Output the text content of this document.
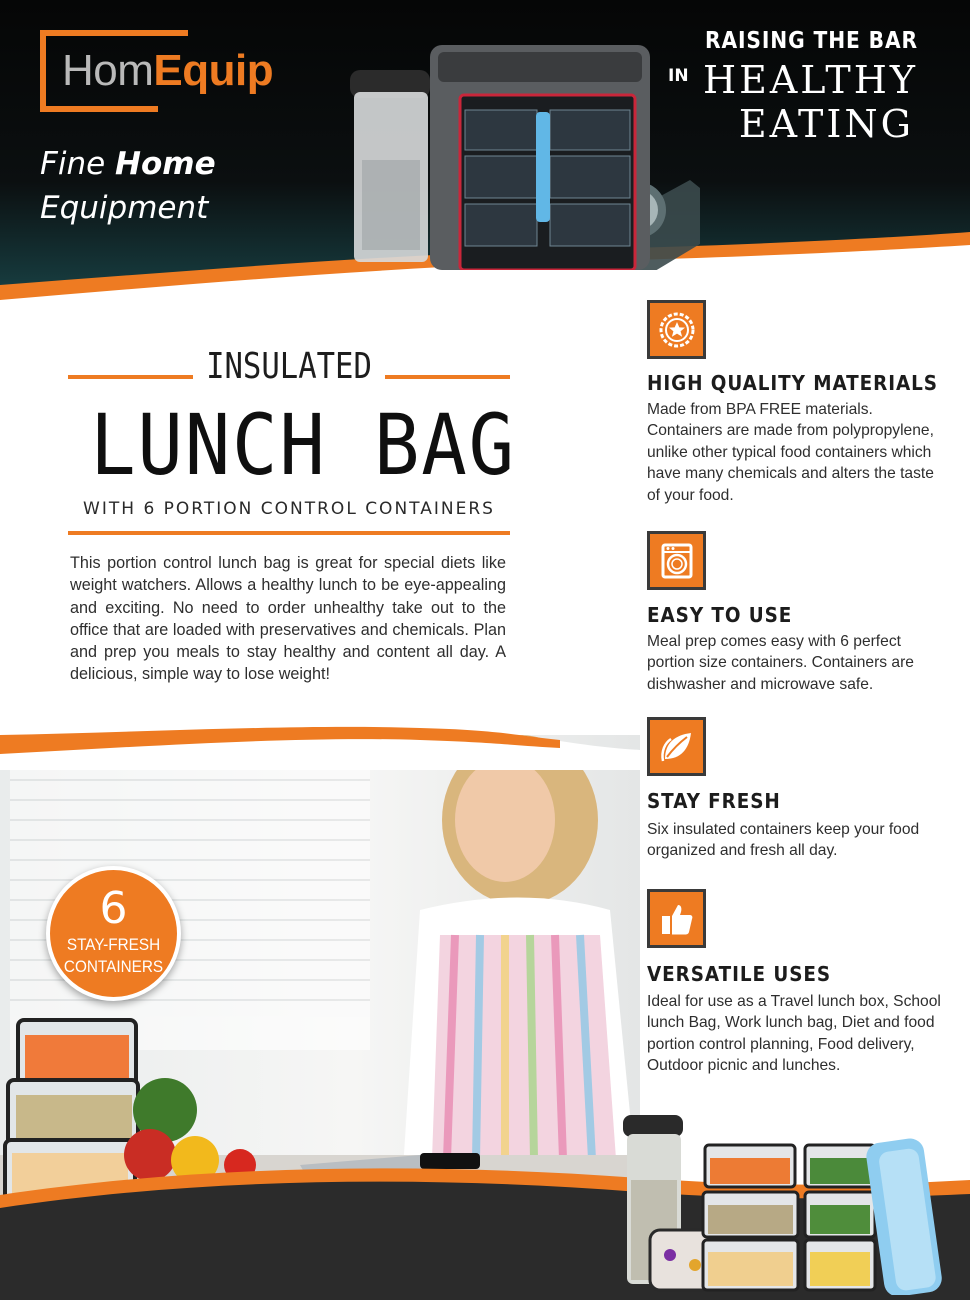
HomEquip
Fine Home
Equipment
RAISING THE BAR
IN HEALTHY
EATING
INSULATED
LUNCH BAG
WITH 6 PORTION CONTROL CONTAINERS
This portion control lunch bag is great for special diets like weight watchers. Allows a healthy lunch to be eye-appealing and exciting. No need to order unhealthy take out to the office that are loaded with preservatives and chemicals. Plan and prep you meals to stay healthy and content all day. A delicious, simple way to lose weight!
6
STAY-FRESH
CONTAINERS
HIGH QUALITY MATERIALS
Made from BPA FREE materials. Containers are made from polypropylene, unlike other typical food containers which have many chemicals and alters the taste of your food.
EASY TO USE
Meal prep comes easy with 6 perfect portion size containers. Containers are dishwasher and microwave safe.
STAY FRESH
Six insulated containers keep your food organized and fresh all day.
VERSATILE USES
Ideal for use as a Travel lunch box, School lunch Bag, Work lunch bag, Diet and food portion control planning, Food delivery, Outdoor picnic and lunches.
